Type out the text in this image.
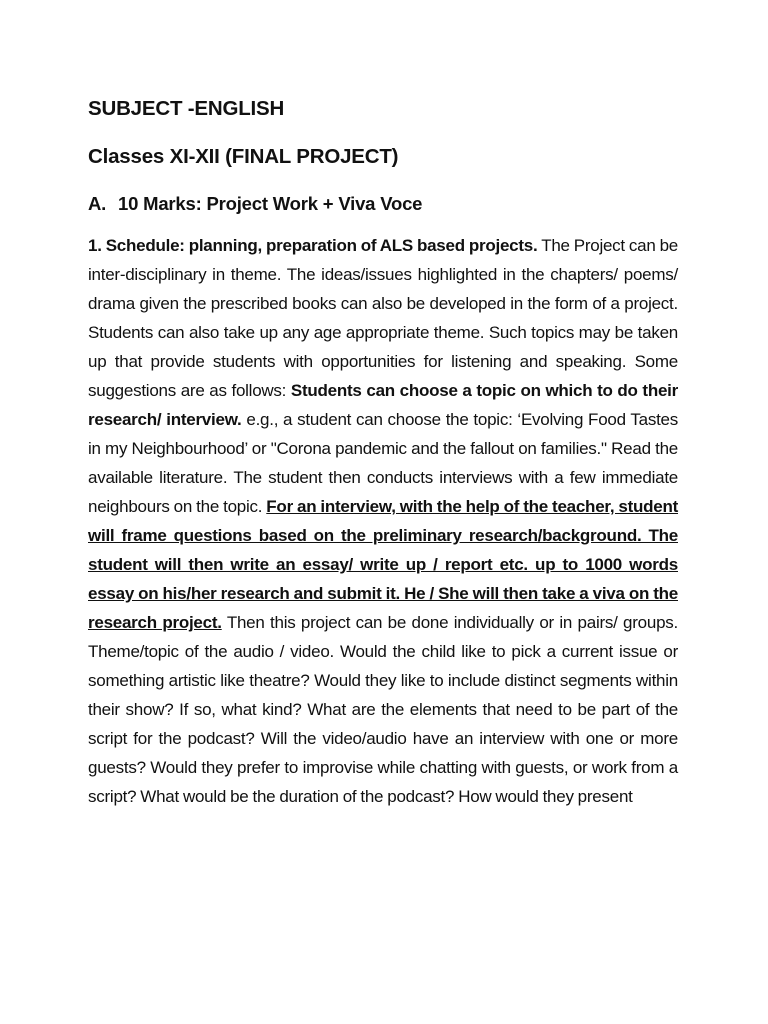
SUBJECT -ENGLISH
Classes XI-XII (FINAL PROJECT)
A. 10 Marks: Project Work + Viva Voce

1. Schedule: planning, preparation of ALS based projects. The Project can be inter-disciplinary in theme. The ideas/issues highlighted in the chapters/ poems/ drama given the prescribed books can also be developed in the form of a project. Students can also take up any age appropriate theme. Such topics may be taken up that provide students with opportunities for listening and speaking. Some suggestions are as follows: Students can choose a topic on which to do their research/ interview. e.g., a student can choose the topic: ‘Evolving Food Tastes in my Neighbourhood’ or "Corona pandemic and the fallout on families." Read the available literature. The student then conducts interviews with a few immediate neighbours on the topic. For an interview, with the help of the teacher, student will frame questions based on the preliminary research/background. The student will then write an essay/ write up / report etc. up to 1000 words essay on his/her research and submit it. He / She will then take a viva on the research project. Then this project can be done individually or in pairs/ groups. Theme/topic of the audio / video. Would the child like to pick a current issue or something artistic like theatre? Would they like to include distinct segments within their show? If so, what kind? What are the elements that need to be part of the script for the podcast? Will the video/audio have an interview with one or more guests? Would they prefer to improvise while chatting with guests, or work from a script? What would be the duration of the podcast? How would they present
